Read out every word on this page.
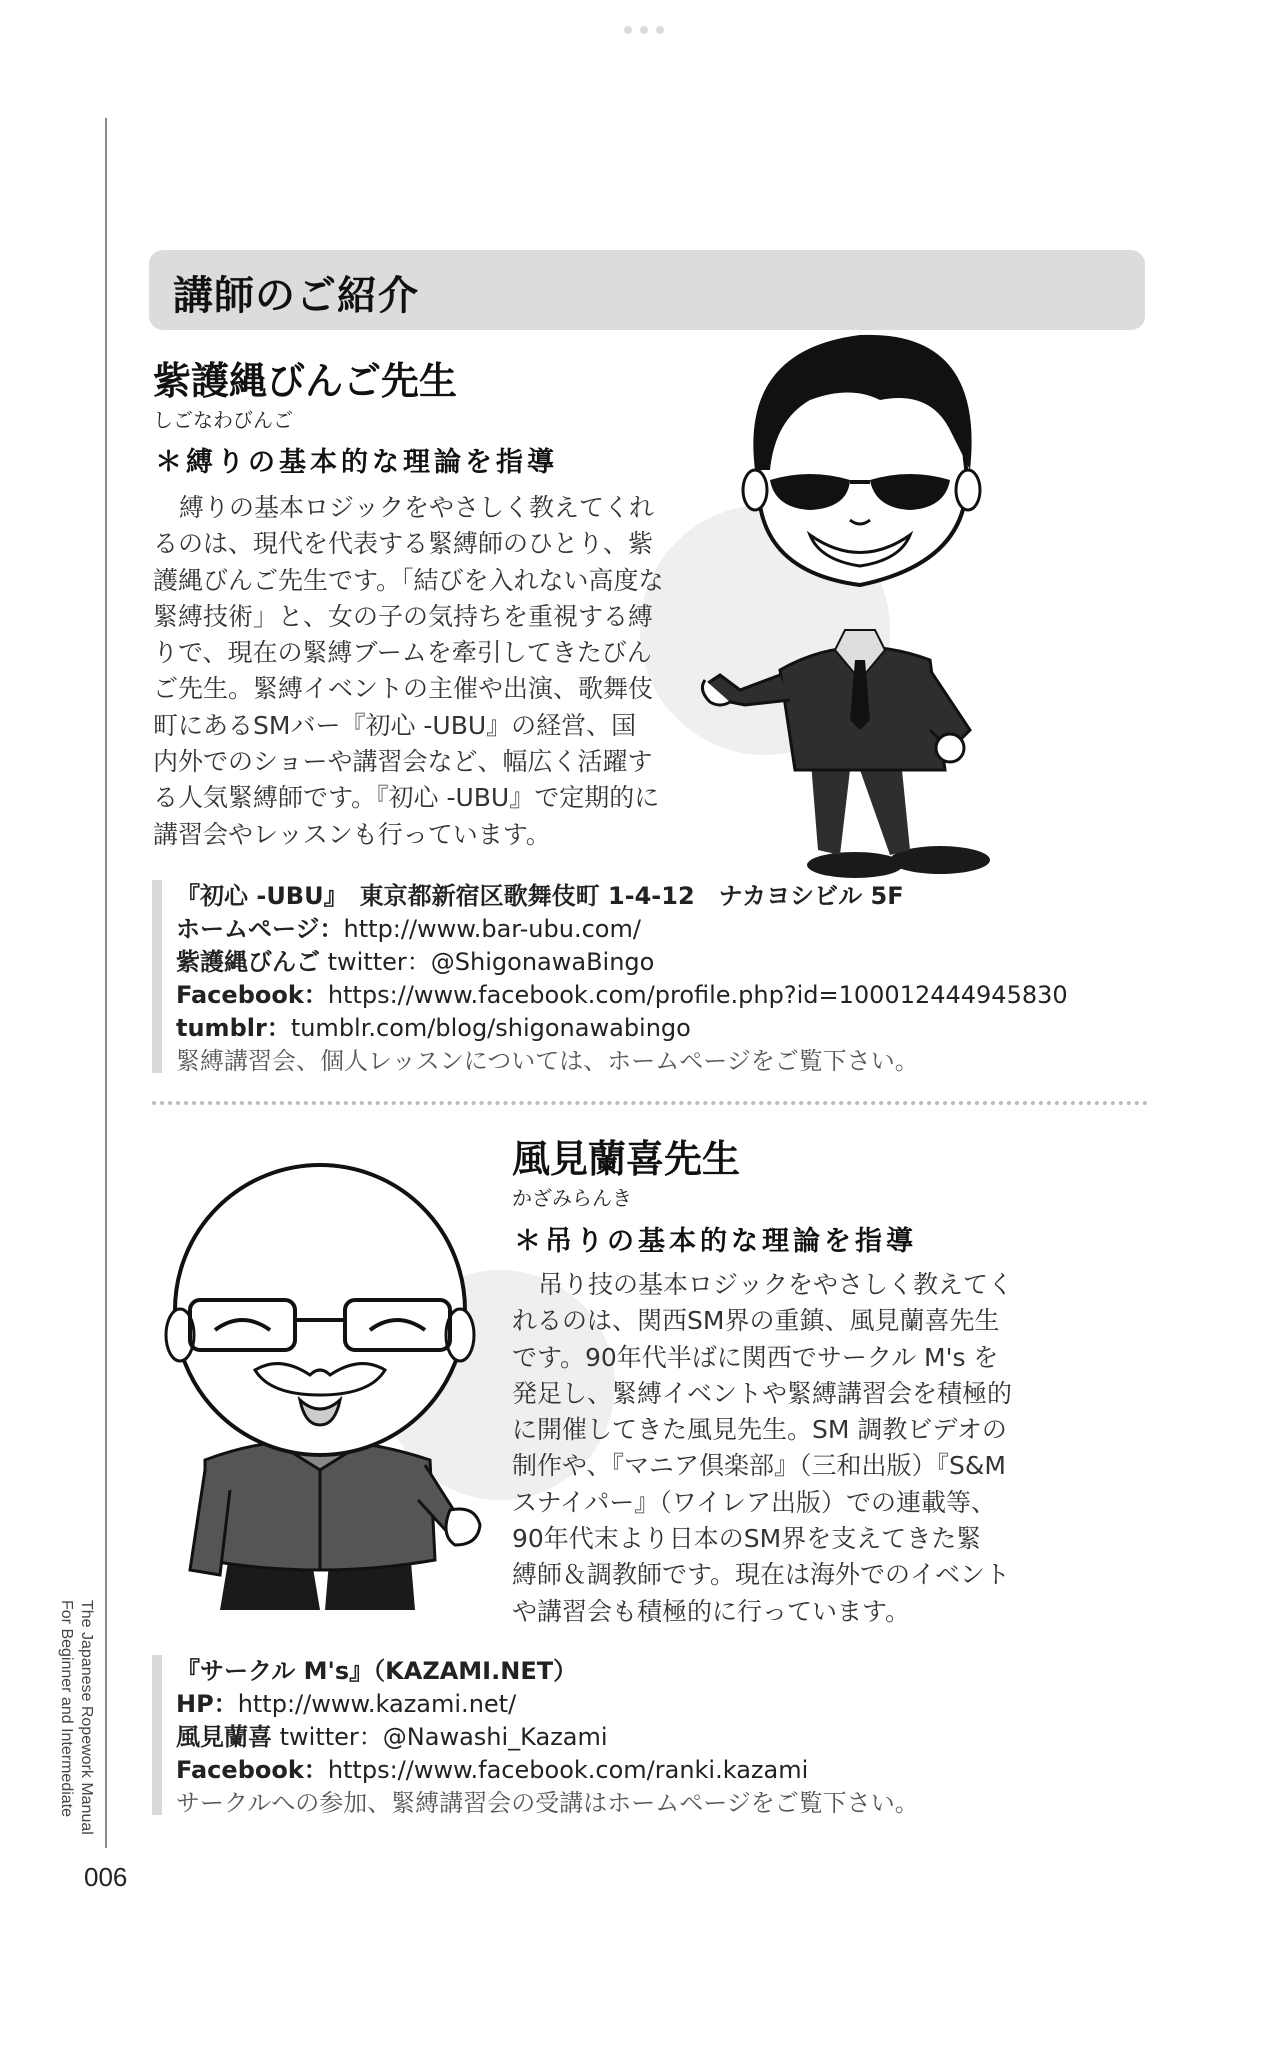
The Japanese Ropework Manual
For Beginner and Intermediate
006
講師のご紹介
紫護縄びんご先生
しごなわびんご
＊縛りの基本的な理論を指導
縛りの基本ロジックをやさしく教えてくれ
るのは、現代を代表する緊縛師のひとり、紫
護縄びんご先生です。「結びを入れない高度な
緊縛技術」と、女の子の気持ちを重視する縛
りで、現在の緊縛ブームを牽引してきたびん
ご先生。緊縛イベントの主催や出演、歌舞伎
町にあるSMバー『初心 -UBU』の経営、国
内外でのショーや講習会など、幅広く活躍す
る人気緊縛師です。『初心 -UBU』で定期的に
講習会やレッスンも行っています。
『初心 -UBU』　東京都新宿区歌舞伎町 1-4-12　ナカヨシビル 5F
ホームページ：http://www.bar-ubu.com/
紫護縄びんご twitter：@ShigonawaBingo
Facebook：https://www.facebook.com/profile.php?id=100012444945830
tumblr：tumblr.com/blog/shigonawabingo
緊縛講習会、個人レッスンについては、ホームページをご覧下さい。
風見蘭喜先生
かざみらんき
＊吊りの基本的な理論を指導
吊り技の基本ロジックをやさしく教えてく
れるのは、関西SM界の重鎮、風見蘭喜先生
です。90年代半ばに関西でサークル M's を
発足し、緊縛イベントや緊縛講習会を積極的
に開催してきた風見先生。SM 調教ビデオの
制作や、『マニア倶楽部』（三和出版）『S&M
スナイパー』（ワイレア出版）での連載等、
90年代末より日本のSM界を支えてきた緊
縛師＆調教師です。現在は海外でのイベント
や講習会も積極的に行っています。
『サークル M's』（KAZAMI.NET）
HP：http://www.kazami.net/
風見蘭喜 twitter：@Nawashi_Kazami
Facebook：https://www.facebook.com/ranki.kazami
サークルへの参加、緊縛講習会の受講はホームページをご覧下さい。
